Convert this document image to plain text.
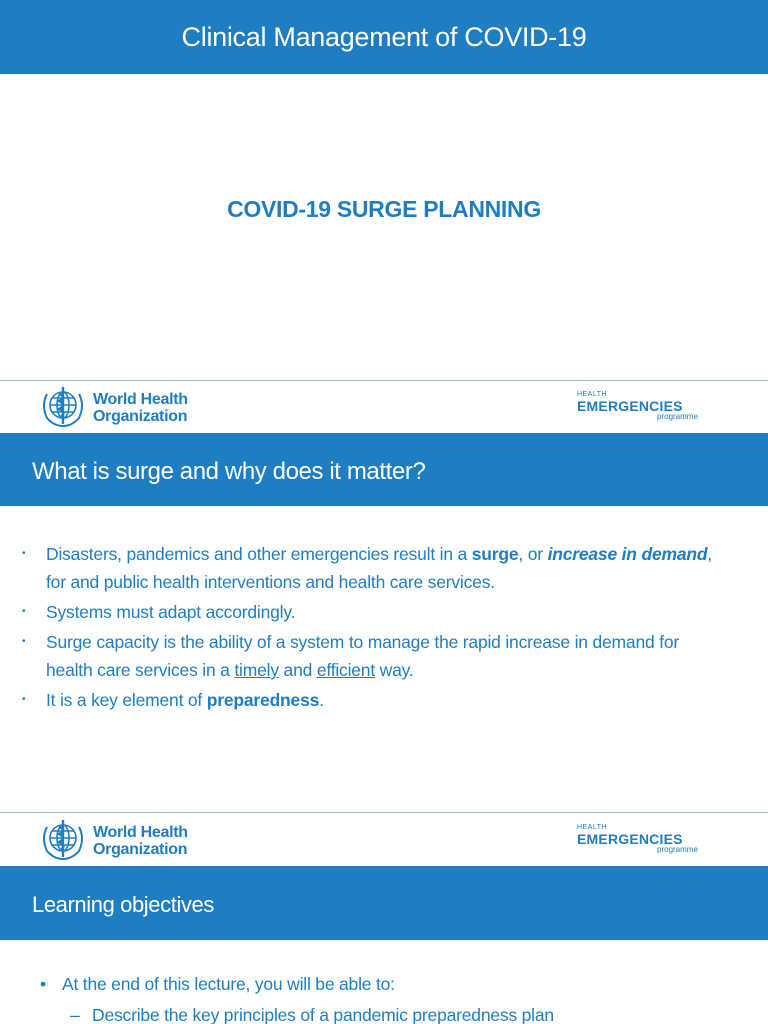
Clinical Management of COVID-19
COVID-19 SURGE PLANNING
World Health
Organization
HEALTH
EMERGENCIES
programme
What is surge and why does it matter?
• Disasters, pandemics and other emergencies result in a surge, or increase in demand, for and public health interventions and health care services.
• Systems must adapt accordingly.
• Surge capacity is the ability of a system to manage the rapid increase in demand for health care services in a timely and efficient way.
• It is a key element of preparedness.
World Health
Organization
HEALTH
EMERGENCIES
programme
Learning objectives
• At the end of this lecture, you will be able to:
– Describe the key principles of a pandemic preparedness plan
